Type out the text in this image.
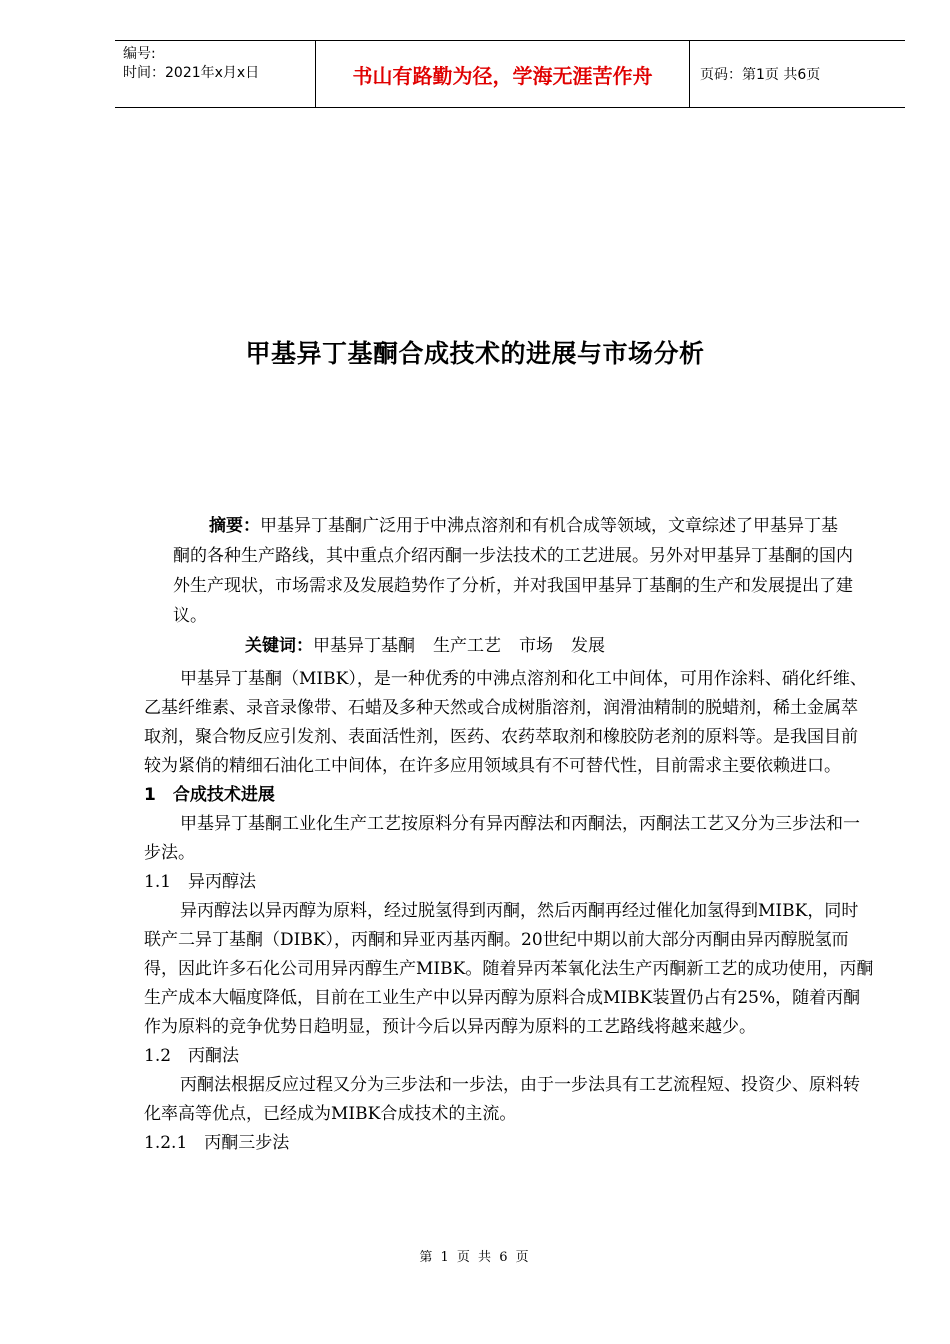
编号:
时间：2021年x月x日	书山有路勤为径，学海无涯苦作舟	页码：第1页 共6页
甲基异丁基酮合成技术的进展与市场分析

摘要：甲基异丁基酮广泛用于中沸点溶剂和有机合成等领域，文章综述了甲基异丁基酮的各种生产路线，其中重点介绍丙酮一步法技术的工艺进展。另外对甲基异丁基酮的国内外生产现状，市场需求及发展趋势作了分析，并对我国甲基异丁基酮的生产和发展提出了建议。

关键词：甲基异丁基酮 生产工艺 市场 发展

甲基异丁基酮（MIBK），是一种优秀的中沸点溶剂和化工中间体，可用作涂料、硝化纤维、乙基纤维素、录音录像带、石蜡及多种天然或合成树脂溶剂，润滑油精制的脱蜡剂，稀土金属萃取剂，聚合物反应引发剂、表面活性剂，医药、农药萃取剂和橡胶防老剂的原料等。是我国目前较为紧俏的精细石油化工中间体，在许多应用领域具有不可替代性，目前需求主要依赖进口。

1　合成技术进展

甲基异丁基酮工业化生产工艺按原料分有异丙醇法和丙酮法，丙酮法工艺又分为三步法和一步法。

1.1　异丙醇法

异丙醇法以异丙醇为原料，经过脱氢得到丙酮，然后丙酮再经过催化加氢得到MIBK，同时联产二异丁基酮（DIBK），丙酮和异亚丙基丙酮。20世纪中期以前大部分丙酮由异丙醇脱氢而得，因此许多石化公司用异丙醇生产MIBK。随着异丙苯氧化法生产丙酮新工艺的成功使用，丙酮生产成本大幅度降低，目前在工业生产中以异丙醇为原料合成MIBK装置仍占有25%，随着丙酮作为原料的竞争优势日趋明显，预计今后以异丙醇为原料的工艺路线将越来越少。

1.2　丙酮法

丙酮法根据反应过程又分为三步法和一步法，由于一步法具有工艺流程短、投资少、原料转化率高等优点，已经成为MIBK合成技术的主流。

1.2.1　丙酮三步法
第 1 页 共 6 页
